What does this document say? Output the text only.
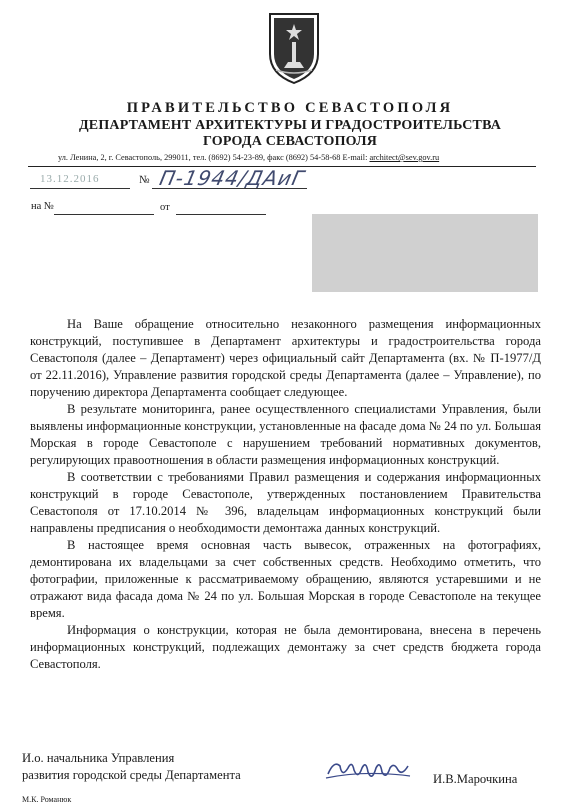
ПРАВИТЕЛЬСТВО СЕВАСТОПОЛЯ
ДЕПАРТАМЕНТ АРХИТЕКТУРЫ И ГРАДОСТРОИТЕЛЬСТВА
ГОРОДА СЕВАСТОПОЛЯ
ул. Ленина, 2, г. Севастополь, 299011, тел. (8692) 54-23-89, факс (8692) 54-58-68 E-mail: architect@sev.gov.ru
13.12.2016	№ П-1944/ДАиГ
на №	от

На Ваше обращение относительно незаконного размещения информационных конструкций, поступившее в Департамент архитектуры и градостроительства города Севастополя (далее – Департамент) через официальный сайт Департамента (вх. № П-1977/Д от 22.11.2016), Управление развития городской среды Департамента (далее – Управление), по поручению директора Департамента сообщает следующее.

В результате мониторинга, ранее осуществленного специалистами Управления, были выявлены информационные конструкции, установленные на фасаде дома № 24 по ул. Большая Морская в городе Севастополе с нарушением требований нормативных документов, регулирующих правоотношения в области размещения информационных конструкций.

В соответствии с требованиями Правил размещения и содержания информационных конструкций в городе Севастополе, утвержденных постановлением Правительства Севастополя от 17.10.2014 № 396, владельцам информационных конструкций были направлены предписания о необходимости демонтажа данных конструкций.

В настоящее время основная часть вывесок, отраженных на фотографиях, демонтирована их владельцами за счет собственных средств. Необходимо отметить, что фотографии, приложенные к рассматриваемому обращению, являются устаревшими и не отражают вида фасада дома № 24 по ул. Большая Морская в городе Севастополе на текущее время.

Информация о конструкции, которая не была демонтирована, внесена в перечень информационных конструкций, подлежащих демонтажу за счет средств бюджета города Севастополя.

И.о. начальника Управления
развития городской среды Департамента	И.В.Марочкина
М.К. Романюк
